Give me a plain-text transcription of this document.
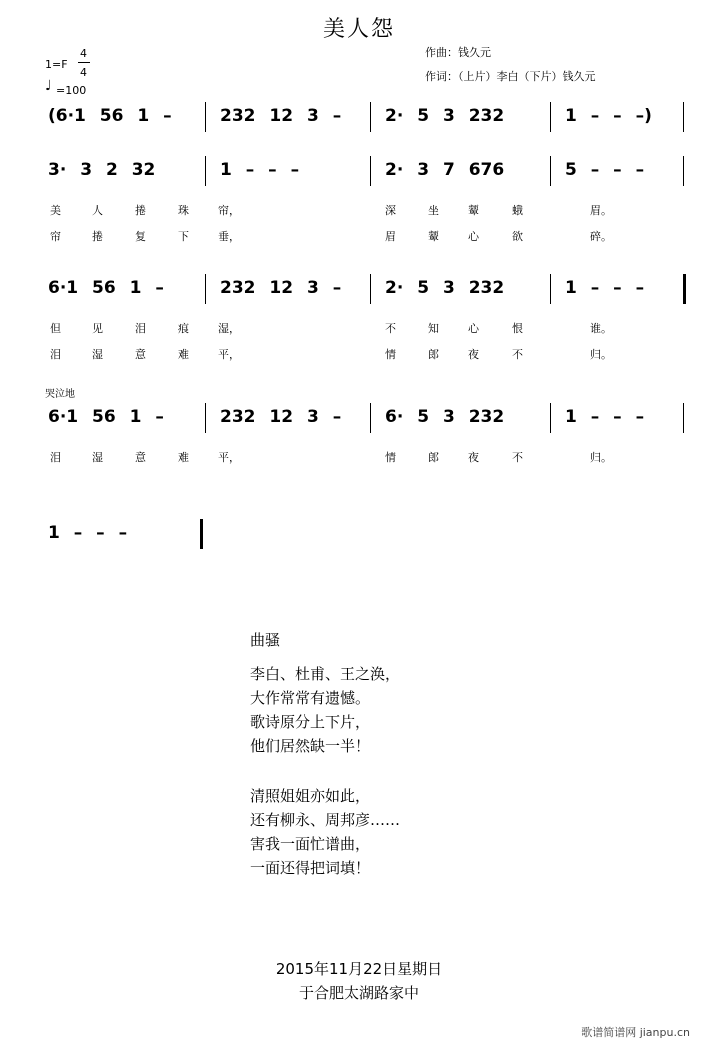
美人怨
作曲：钱久元
作词：（上片）李白（下片）钱久元
1=F
4
4
♩ =100
(6·1 56 1 –	232 12 3 –	2· 5 3 232	1 – – –)
3· 3 2 32	1 – – –	2· 3 7 676	5 – – –
美	人	捲	珠	帘，	深	坐	颦	蛾	眉。
帘	捲	复	下	垂，	眉	颦	心	欲	碎。
6·1 56 1 –	232 12 3 –	2· 5 3 232	1 – – –
但	见	泪	痕	湿，	不	知	心	恨	谁。
泪	湿	意	难	平，	情	郎	夜	不	归。
哭泣地
6·1 56 1 –	232 12 3 –	6· 5 3 232	1 – – –
泪	湿	意	难	平，	情	郎	夜	不	归。
1 – – –
曲骚
李白、杜甫、王之涣，
大作常常有遗憾。
歌诗原分上下片，
他们居然缺一半！
清照姐姐亦如此，
还有柳永、周邦彦……
害我一面忙谱曲，
一面还得把词填！
2015年11月22日星期日
于合肥太湖路家中
歌谱简谱网 jianpu.cn
